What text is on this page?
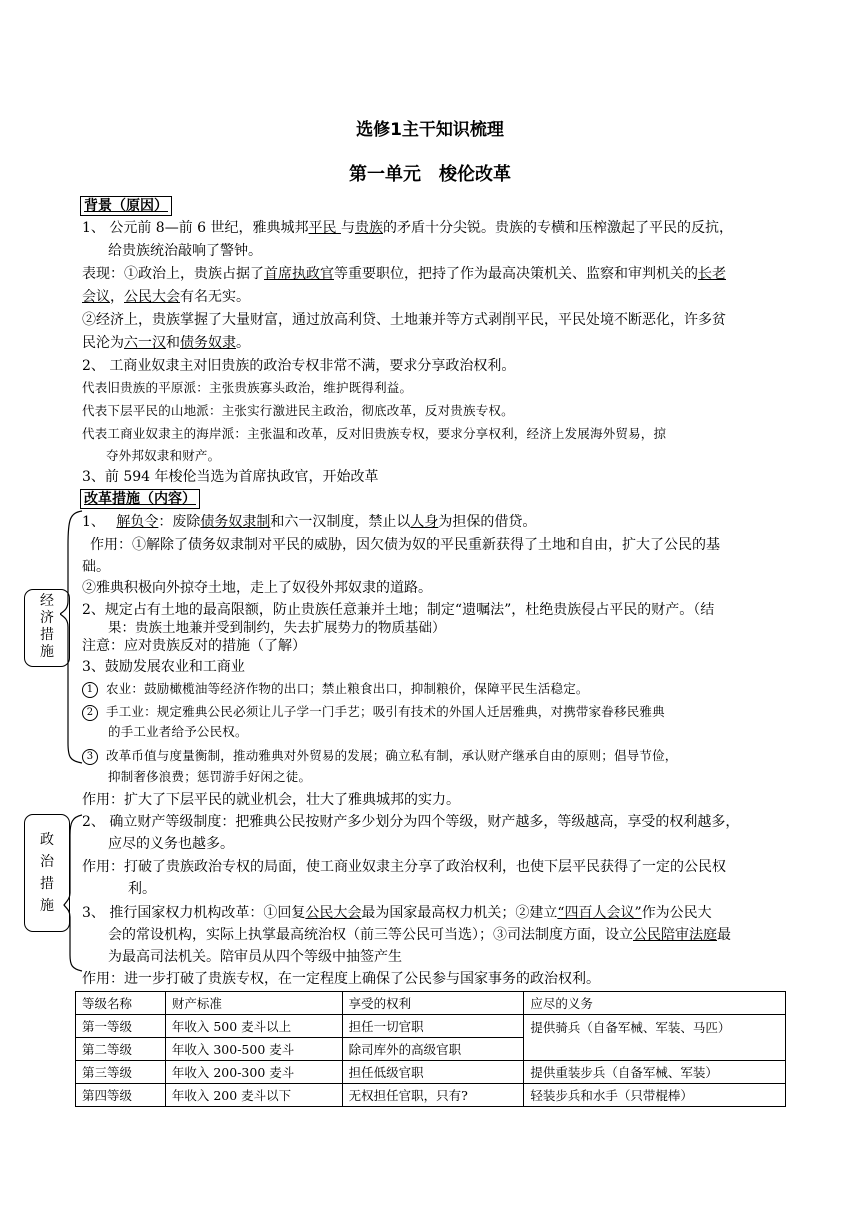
选修1主干知识梳理
第一单元　梭伦改革
背景（原因）
1、 公元前 8—前 6 世纪，雅典城邦平民 与贵族的矛盾十分尖锐。贵族的专横和压榨激起了平民的反抗，
给贵族统治敲响了警钟。
表现：①政治上，贵族占据了首席执政官等重要职位，把持了作为最高决策机关、监察和审判机关的长老
会议，公民大会有名无实。
②经济上，贵族掌握了大量财富，通过放高利贷、土地兼并等方式剥削平民，平民处境不断恶化，许多贫
民沦为六一汉和债务奴隶。
2、 工商业奴隶主对旧贵族的政治专权非常不满，要求分享政治权利。
代表旧贵族的平原派：主张贵族寡头政治，维护既得利益。
代表下层平民的山地派：主张实行激进民主政治，彻底改革，反对贵族专权。
代表工商业奴隶主的海岸派：主张温和改革，反对旧贵族专权，要求分享权利，经济上发展海外贸易，掠
夺外邦奴隶和财产。
3、前 594 年梭伦当选为首席执政官，开始改革
改革措施（内容）
经济措施
政治措施
1、　 解负令：废除债务奴隶制和六一汉制度，禁止以人身为担保的借贷。
作用：①解除了债务奴隶制对平民的威胁，因欠债为奴的平民重新获得了土地和自由，扩大了公民的基
础。
②雅典积极向外掠夺土地，走上了奴役外邦奴隶的道路。
2、规定占有土地的最高限额，防止贵族任意兼并土地；制定“遗嘱法”，杜绝贵族侵占平民的财产。（结
果：贵族土地兼并受到制约，失去扩展势力的物质基础）
注意：应对贵族反对的措施（了解）
3、鼓励发展农业和工商业
1 农业：鼓励橄榄油等经济作物的出口；禁止粮食出口，抑制粮价，保障平民生活稳定。
2 手工业：规定雅典公民必须让儿子学一门手艺；吸引有技术的外国人迁居雅典，对携带家眷移民雅典
的手工业者给予公民权。
3 改革币值与度量衡制，推动雅典对外贸易的发展；确立私有制，承认财产继承自由的原则；倡导节俭，
抑制奢侈浪费；惩罚游手好闲之徒。
作用：扩大了下层平民的就业机会，壮大了雅典城邦的实力。
2、 确立财产等级制度：把雅典公民按财产多少划分为四个等级，财产越多，等级越高，享受的权利越多，
应尽的义务也越多。
作用：打破了贵族政治专权的局面，使工商业奴隶主分享了政治权利，也使下层平民获得了一定的公民权
利。
3、 推行国家权力机构改革：①回复公民大会最为国家最高权力机关；②建立“四百人会议”作为公民大
会的常设机构，实际上执掌最高统治权（前三等公民可当选）；③司法制度方面，设立公民陪审法庭最
为最高司法机关。陪审员从四个等级中抽签产生
作用：进一步打破了贵族专权，在一定程度上确保了公民参与国家事务的政治权利。
等级名称	财产标准	享受的权利	应尽的义务
第一等级	年收入 500 麦斗以上	担任一切官职	提供骑兵（自备军械、军装、马匹）
第二等级	年收入 300-500 麦斗	除司库外的高级官职	
第三等级	年收入 200-300 麦斗	担任低级官职	提供重装步兵（自备军械、军装）
第四等级	年收入 200 麦斗以下	无权担任官职，只有?	轻装步兵和水手（只带棍棒）
